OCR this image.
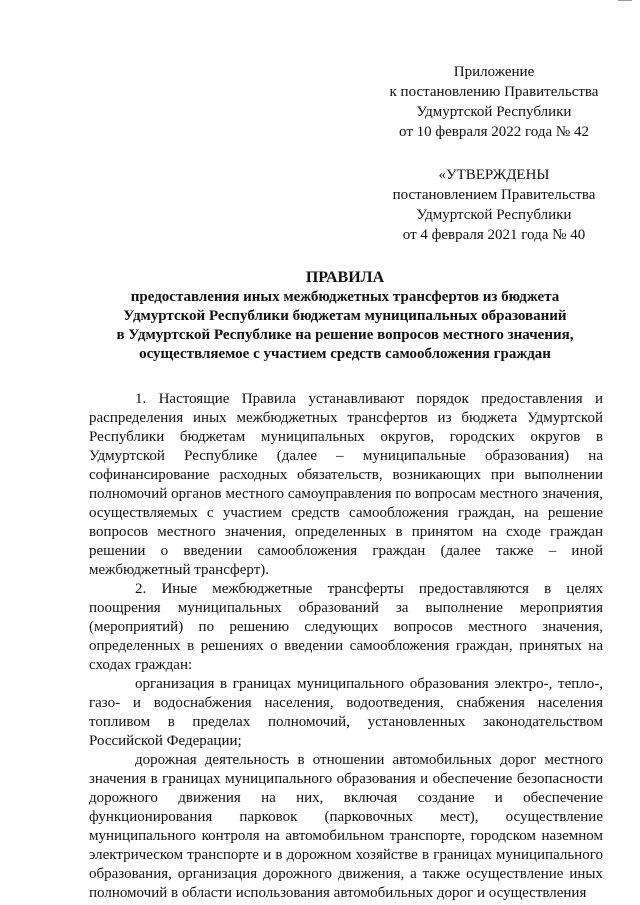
Приложение
к постановлению Правительства
Удмуртской Республики
от 10 февраля 2022 года № 42
«УТВЕРЖДЕНЫ
постановлением Правительства
Удмуртской Республики
от 4 февраля 2021 года № 40
ПРАВИЛА
предоставления иных межбюджетных трансфертов из бюджета
Удмуртской Республики бюджетам муниципальных образований
в Удмуртской Республике на решение вопросов местного значения,
осуществляемое с участием средств самообложения граждан

1. Настоящие Правила устанавливают порядок предоставления и распределения иных межбюджетных трансфертов из бюджета Удмуртской Республики бюджетам муниципальных округов, городских округов в Удмуртской Республике (далее – муниципальные образования) на софинансирование расходных обязательств, возникающих при выполнении полномочий органов местного самоуправления по вопросам местного значения, осуществляемых с участием средств самообложения граждан, на решение вопросов местного значения, определенных в принятом на сходе граждан решении о введении самообложения граждан (далее также – иной межбюджетный трансферт).

2. Иные межбюджетные трансферты предоставляются в целях поощрения муниципальных образований за выполнение мероприятия (мероприятий) по решению следующих вопросов местного значения, определенных в решениях о введении самообложения граждан, принятых на сходах граждан:

организация в границах муниципального образования электро-, тепло-, газо- и водоснабжения населения, водоотведения, снабжения населения топливом в пределах полномочий, установленных законодательством Российской Федерации;

дорожная деятельность в отношении автомобильных дорог местного значения в границах муниципального образования и обеспечение безопасности дорожного движения на них, включая создание и обеспечение функционирования парковок (парковочных мест), осуществление муниципального контроля на автомобильном транспорте, городском наземном электрическом транспорте и в дорожном хозяйстве в границах муниципального образования, организация дорожного движения, а также осуществление иных полномочий в области использования автомобильных дорог и осуществления
